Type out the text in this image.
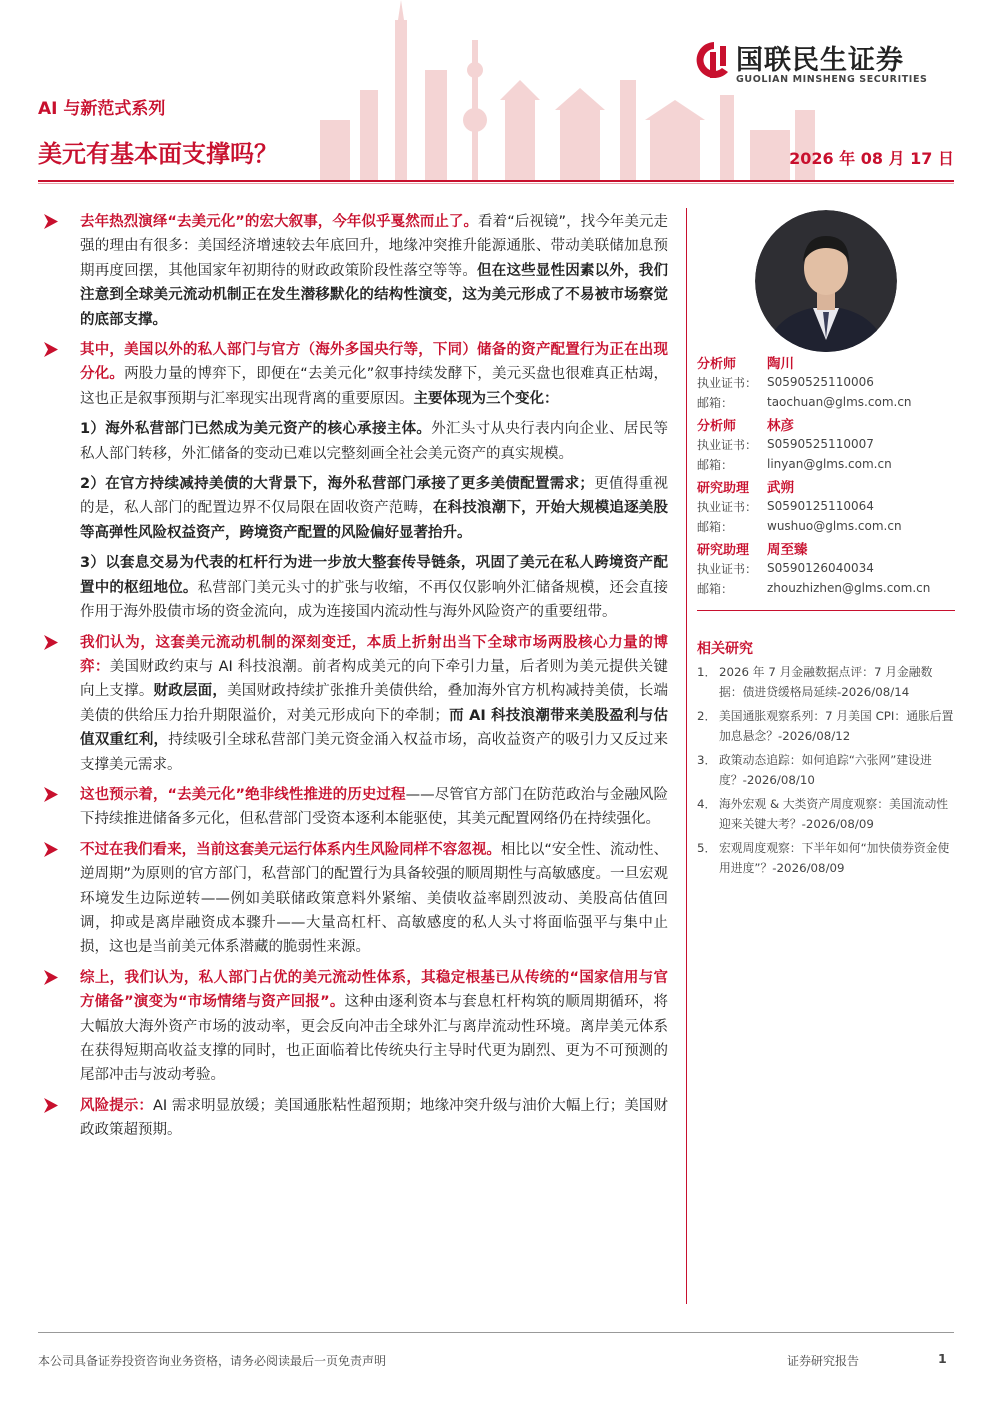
AI 与新范式系列
美元有基本面支撑吗？	2026 年 08 月 17 日
国联民生证券
GUOLIAN MINSHENG SECURITIES
去年热烈演绎“去美元化”的宏大叙事，今年似乎戛然而止了。看着“后视镜”，找今年美元走强的理由有很多：美国经济增速较去年底回升，地缘冲突推升能源通胀、带动美联储加息预期再度回摆，其他国家年初期待的财政政策阶段性落空等等。但在这些显性因素以外，我们注意到全球美元流动机制正在发生潜移默化的结构性演变，这为美元形成了不易被市场察觉的底部支撑。
其中，美国以外的私人部门与官方（海外多国央行等，下同）储备的资产配置行为正在出现分化。两股力量的博弈下，即便在“去美元化”叙事持续发酵下，美元买盘也很难真正枯竭，这也正是叙事预期与汇率现实出现背离的重要原因。主要体现为三个变化：
1）海外私营部门已然成为美元资产的核心承接主体。外汇头寸从央行表内向企业、居民等私人部门转移，外汇储备的变动已难以完整刻画全社会美元资产的真实规模。
2）在官方持续减持美债的大背景下，海外私营部门承接了更多美债配置需求；更值得重视的是，私人部门的配置边界不仅局限在固收资产范畴，在科技浪潮下，开始大规模追逐美股等高弹性风险权益资产，跨境资产配置的风险偏好显著抬升。
3）以套息交易为代表的杠杆行为进一步放大整套传导链条，巩固了美元在私人跨境资产配置中的枢纽地位。私营部门美元头寸的扩张与收缩，不再仅仅影响外汇储备规模，还会直接作用于海外股债市场的资金流向，成为连接国内流动性与海外风险资产的重要纽带。
我们认为，这套美元流动机制的深刻变迁，本质上折射出当下全球市场两股核心力量的博弈：美国财政约束与 AI 科技浪潮。前者构成美元的向下牵引力量，后者则为美元提供关键向上支撑。财政层面，美国财政持续扩张推升美债供给，叠加海外官方机构减持美债，长端美债的供给压力抬升期限溢价，对美元形成向下的牵制；而 AI 科技浪潮带来美股盈利与估值双重红利，持续吸引全球私营部门美元资金涌入权益市场，高收益资产的吸引力又反过来支撑美元需求。
这也预示着，“去美元化”绝非线性推进的历史过程——尽管官方部门在防范政治与金融风险下持续推进储备多元化，但私营部门受资本逐利本能驱使，其美元配置网络仍在持续强化。
不过在我们看来，当前这套美元运行体系内生风险同样不容忽视。相比以“安全性、流动性、逆周期”为原则的官方部门，私营部门的配置行为具备较强的顺周期性与高敏感度。一旦宏观环境发生边际逆转——例如美联储政策意料外紧缩、美债收益率剧烈波动、美股高估值回调，抑或是离岸融资成本骤升——大量高杠杆、高敏感度的私人头寸将面临强平与集中止损，这也是当前美元体系潜藏的脆弱性来源。
综上，我们认为，私人部门占优的美元流动性体系，其稳定根基已从传统的“国家信用与官方储备”演变为“市场情绪与资产回报”。这种由逐利资本与套息杠杆构筑的顺周期循环，将大幅放大海外资产市场的波动率，更会反向冲击全球外汇与离岸流动性环境。离岸美元体系在获得短期高收益支撑的同时，也正面临着比传统央行主导时代更为剧烈、更为不可预测的尾部冲击与波动考验。
风险提示：AI 需求明显放缓；美国通胀粘性超预期；地缘冲突升级与油价大幅上行；美国财政政策超预期。
分析师	陶川
执业证书： S0590525110006
邮箱：	taochuan@glms.com.cn
分析师	林彦
执业证书： S0590525110007
邮箱：	linyan@glms.com.cn
研究助理	武朔
执业证书： S0590125110064
邮箱：	wushuo@glms.com.cn
研究助理	周至臻
执业证书： S0590126040034
邮箱：	zhouzhizhen@glms.com.cn
相关研究
1． 2026 年 7 月金融数据点评：7 月金融数据：债进贷缓格局延续-2026/08/14
2． 美国通胀观察系列：7 月美国 CPI：通胀后置加息悬念？-2026/08/12
3． 政策动态追踪：如何追踪“六张网”建设进度？-2026/08/10
4． 海外宏观 & 大类资产周度观察：美国流动性迎来关键大考？-2026/08/09
5． 宏观周度观察：下半年如何“加快债券资金使用进度”？-2026/08/09
本公司具备证券投资咨询业务资格，请务必阅读最后一页免责声明	证券研究报告	1
